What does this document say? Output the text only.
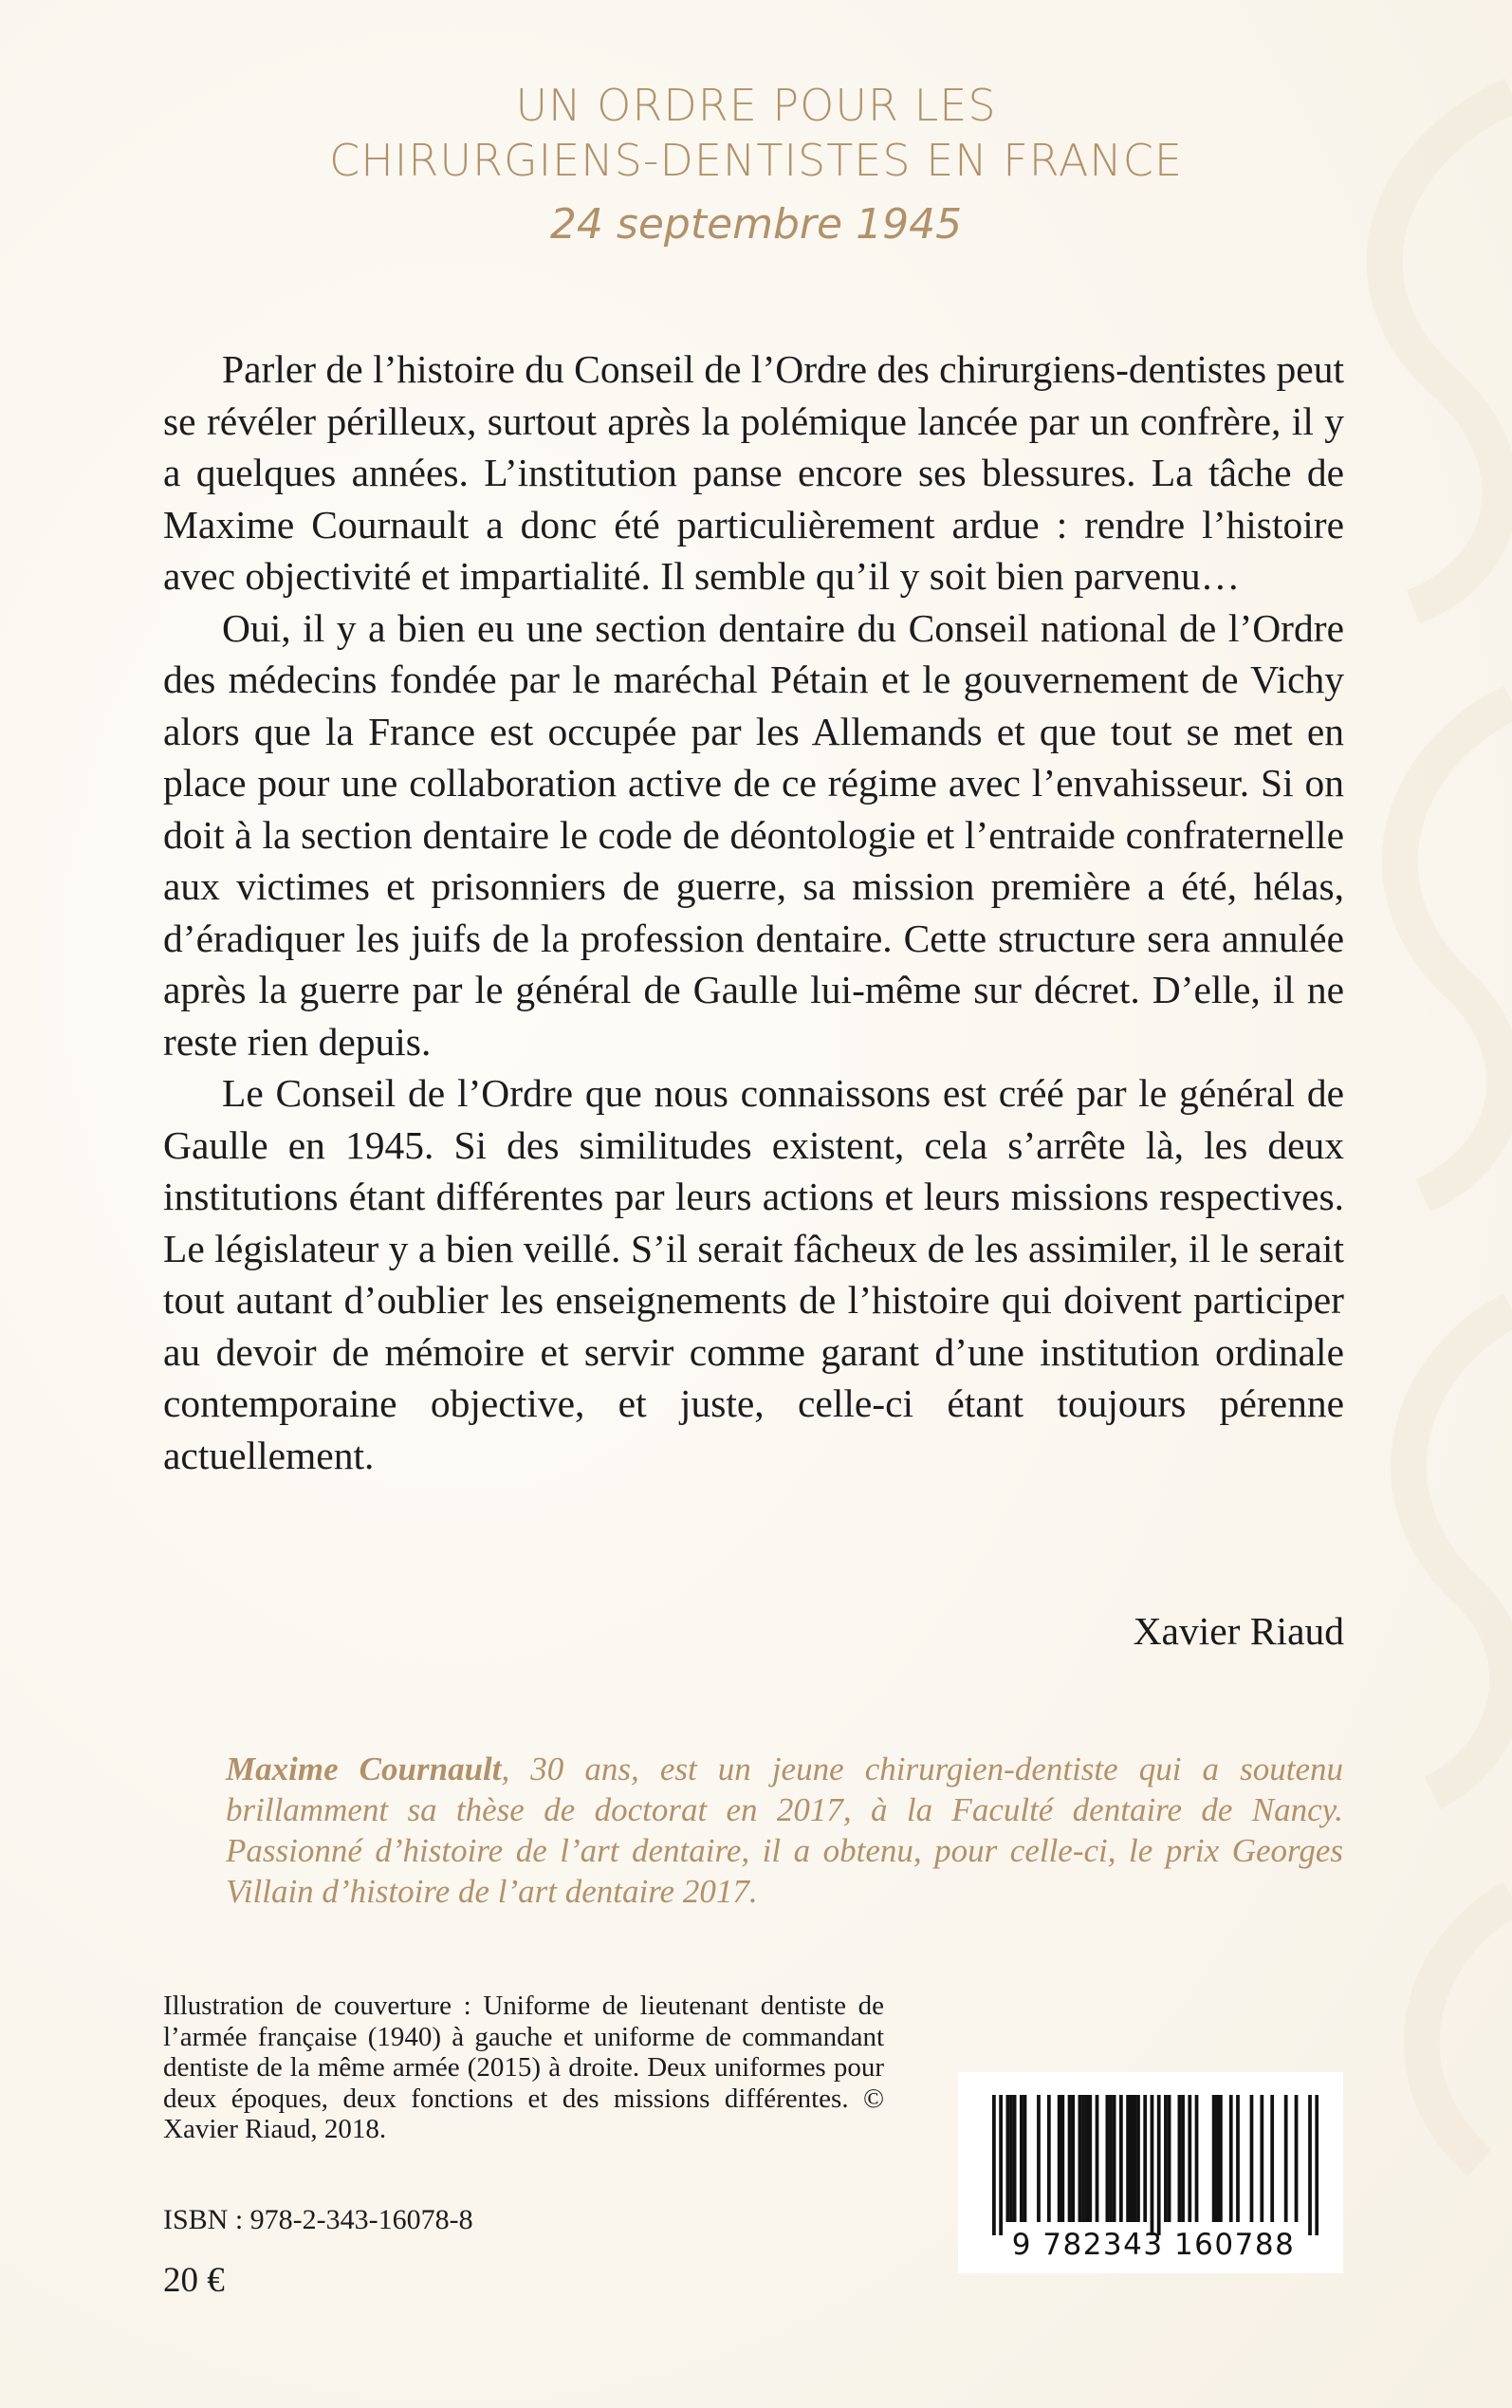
UN ORDRE POUR LES
CHIRURGIENS-DENTISTES EN FRANCE
24 septembre 1945

Parler de l’histoire du Conseil de l’Ordre des chirurgiens-dentistes peut se révéler périlleux, surtout après la polémique lancée par un confrère, il y a quelques années. L’institution panse encore ses blessures. La tâche de Maxime Cournault a donc été particulièrement ardue : rendre l’histoire avec objectivité et impartialité. Il semble qu’il y soit bien parvenu…

Oui, il y a bien eu une section dentaire du Conseil national de l’Ordre des médecins fondée par le maréchal Pétain et le gouvernement de Vichy alors que la France est occupée par les Allemands et que tout se met en place pour une collaboration active de ce régime avec l’envahisseur. Si on doit à la section dentaire le code de déontologie et l’entraide confraternelle aux victimes et prisonniers de guerre, sa mission première a été, hélas, d’éradiquer les juifs de la profession dentaire. Cette structure sera annulée après la guerre par le général de Gaulle lui-même sur décret. D’elle, il ne reste rien depuis.

Le Conseil de l’Ordre que nous connaissons est créé par le général de Gaulle en 1945. Si des similitudes existent, cela s’arrête là, les deux institutions étant différentes par leurs actions et leurs missions respectives. Le législateur y a bien veillé. S’il serait fâcheux de les assimiler, il le serait tout autant d’oublier les enseignements de l’histoire qui doivent participer au devoir de mémoire et servir comme garant d’une institution ordinale contemporaine objective, et juste, celle-ci étant toujours pérenne actuellement.

Xavier Riaud
Maxime Cournault, 30 ans, est un jeune chirurgien-dentiste qui a soutenu brillamment sa thèse de doctorat en 2017, à la Faculté dentaire de Nancy. Passionné d’histoire de l’art dentaire, il a obtenu, pour celle-ci, le prix Georges Villain d’histoire de l’art dentaire 2017.
Illustration de couverture : Uniforme de lieutenant dentiste de l’armée française (1940) à gauche et uniforme de commandant dentiste de la même armée (2015) à droite. Deux uniformes pour deux époques, deux fonctions et des missions différentes. © Xavier Riaud, 2018.
ISBN : 978-2-343-16078-8
20 €
9 782343 160788
